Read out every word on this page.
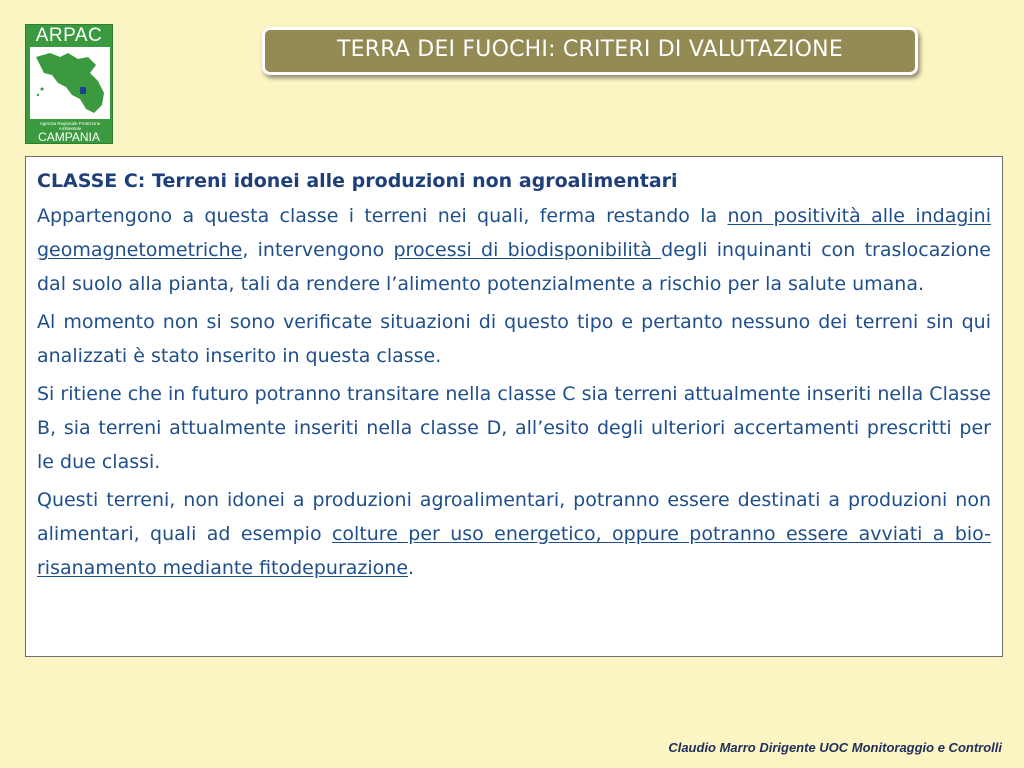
ARPAC
Agenzia Regionale Protezione Ambientale
CAMPANIA
TERRA DEI FUOCHI: CRITERI DI VALUTAZIONE

CLASSE C: Terreni idonei alle produzioni non agroalimentari

Appartengono a questa classe i terreni nei quali, ferma restando la non positività alle indagini geomagnetometriche, intervengono processi di biodisponibilità degli inquinanti con traslocazione dal suolo alla pianta, tali da rendere l’alimento potenzialmente a rischio per la salute umana.

Al momento non si sono verificate situazioni di questo tipo e pertanto nessuno dei terreni sin qui analizzati è stato inserito in questa classe.

Si ritiene che in futuro potranno transitare nella classe C sia terreni attualmente inseriti nella Classe B, sia terreni attualmente inseriti nella classe D, all’esito degli ulteriori accertamenti prescritti per le due classi.

Questi terreni, non idonei a produzioni agroalimentari, potranno essere destinati a produzioni non alimentari, quali ad esempio colture per uso energetico, oppure potranno essere avviati a bio-risanamento mediante fitodepurazione.

Claudio Marro Dirigente UOC Monitoraggio e Controlli
